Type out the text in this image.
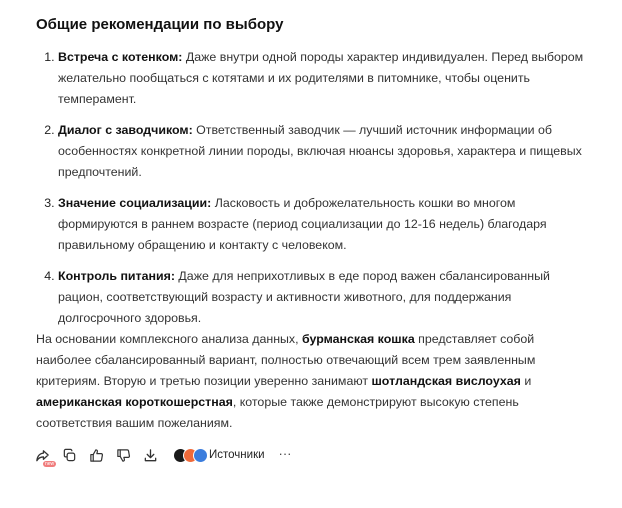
Общие рекомендации по выбору
1. Встреча с котенком: Даже внутри одной породы характер индивидуален. Перед выбором желательно пообщаться с котятами и их родителями в питомнике, чтобы оценить темперамент.
2. Диалог с заводчиком: Ответственный заводчик — лучший источник информации об особенностях конкретной линии породы, включая нюансы здоровья, характера и пищевых предпочтений.
3. Значение социализации: Ласковость и доброжелательность кошки во многом формируются в раннем возрасте (период социализации до 12-16 недель) благодаря правильному обращению и контакту с человеком.
4. Контроль питания: Даже для неприхотливых в еде пород важен сбалансированный рацион, соответствующий возрасту и активности животного, для поддержания долгосрочного здоровья.

На основании комплексного анализа данных, бурманская кошка представляет собой наиболее сбалансированный вариант, полностью отвечающий всем трем заявленным критериям. Вторую и третью позиции уверенно занимают шотландская вислоухая и американская короткошерстная, которые также демонстрируют высокую степень соответствия вашим пожеланиям.

new
Источники ···
